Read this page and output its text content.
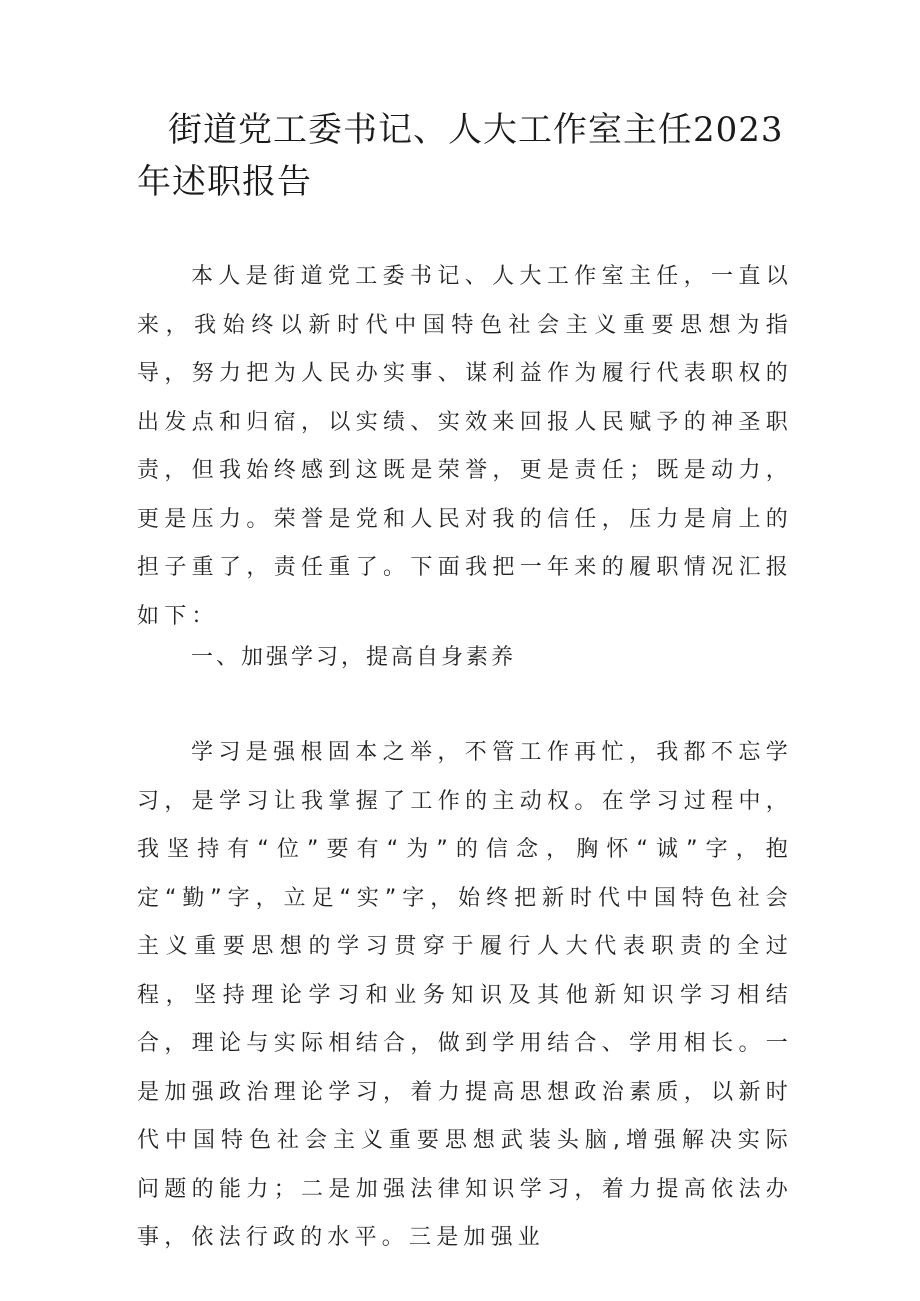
街道党工委书记、人大工作室主任2023年述职报告

本人是街道党工委书记、人大工作室主任，一直以来，我始终以新时代中国特色社会主义重要思想为指导，努力把为人民办实事、谋利益作为履行代表职权的出发点和归宿，以实绩、实效来回报人民赋予的神圣职责，但我始终感到这既是荣誉，更是责任；既是动力，更是压力。荣誉是党和人民对我的信任，压力是肩上的担子重了，责任重了。下面我把一年来的履职情况汇报如下：

一、加强学习，提高自身素养

学习是强根固本之举，不管工作再忙，我都不忘学习，是学习让我掌握了工作的主动权。在学习过程中，我坚持有“位”要有“为”的信念，胸怀“诚”字，抱定“勤”字，立足“实”字，始终把新时代中国特色社会主义重要思想的学习贯穿于履行人大代表职责的全过程，坚持理论学习和业务知识及其他新知识学习相结合，理论与实际相结合，做到学用结合、学用相长。一是加强政治理论学习，着力提高思想政治素质，以新时代中国特色社会主义重要思想武装头脑,增强解决实际问题的能力；二是加强法律知识学习，着力提高依法办事，依法行政的水平。三是加强业
